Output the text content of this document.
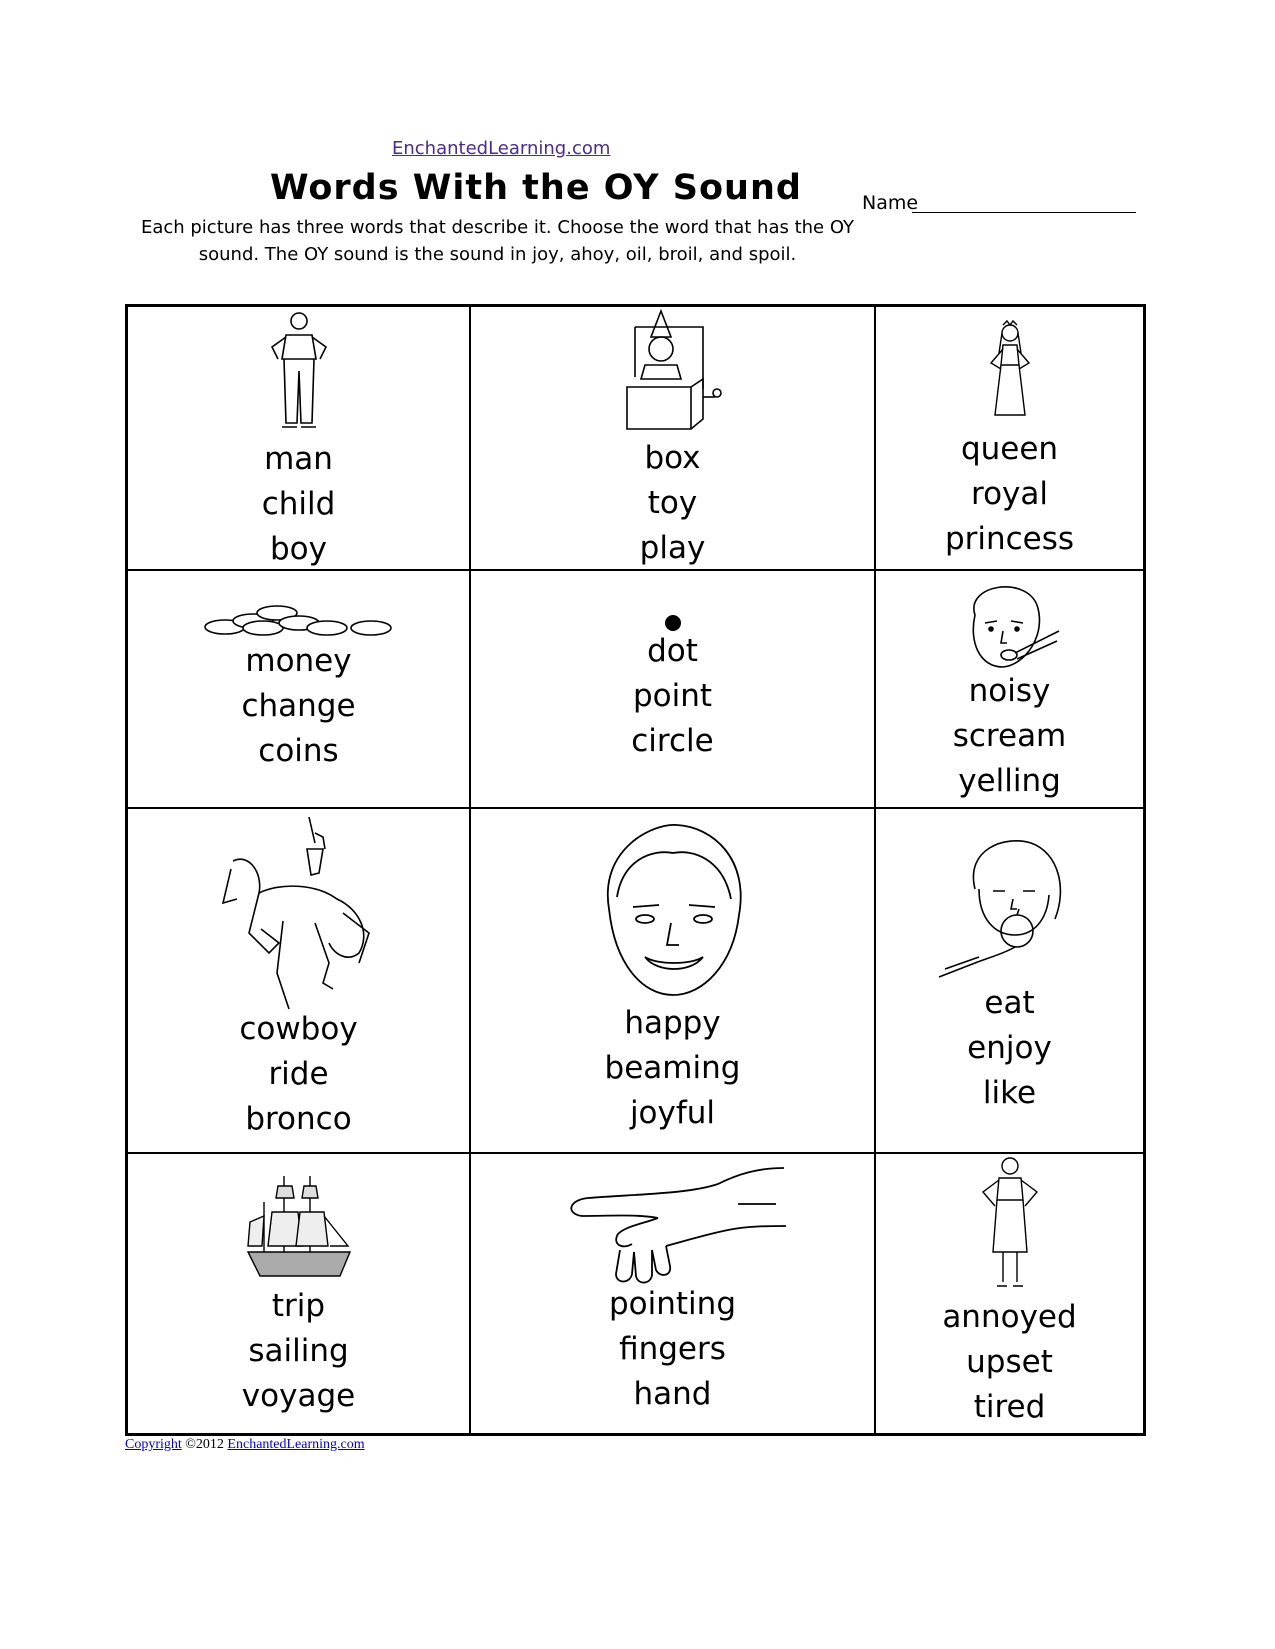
EnchantedLearning.com
Words With the OY Sound	Name

Each picture has three words that describe it. Choose the word that has the OY
sound. The OY sound is the sound in joy, ahoy, oil, broil, and spoil.

man
child
boy
box
toy
play
queen
royal
princess
money
change
coins
dot
point
circle
noisy
scream
yelling
cowboy
ride
bronco
happy
beaming
joyful
eat
enjoy
like
trip
sailing
voyage
pointing
fingers
hand
annoyed
upset
tired
Copyright ©2012 EnchantedLearning.com
